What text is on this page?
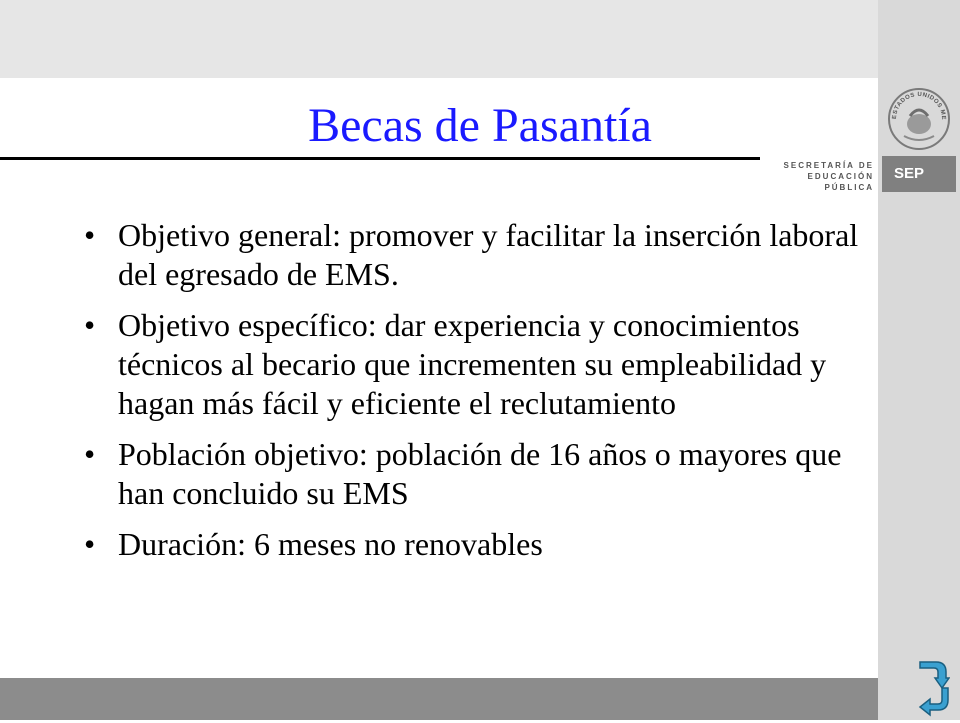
ESTADOS UNIDOS ME
SECRETARÍA DE
EDUCACIÓN PÚBLICA
SEP
Becas de Pasantía
• Objetivo general: promover y facilitar la inserción laboral del egresado de EMS.
• Objetivo específico: dar experiencia y conocimientos técnicos al becario que incrementen su empleabilidad y hagan más fácil y eficiente el reclutamiento
• Población objetivo: población de 16 años o mayores que han concluido su EMS
• Duración: 6 meses no renovables
